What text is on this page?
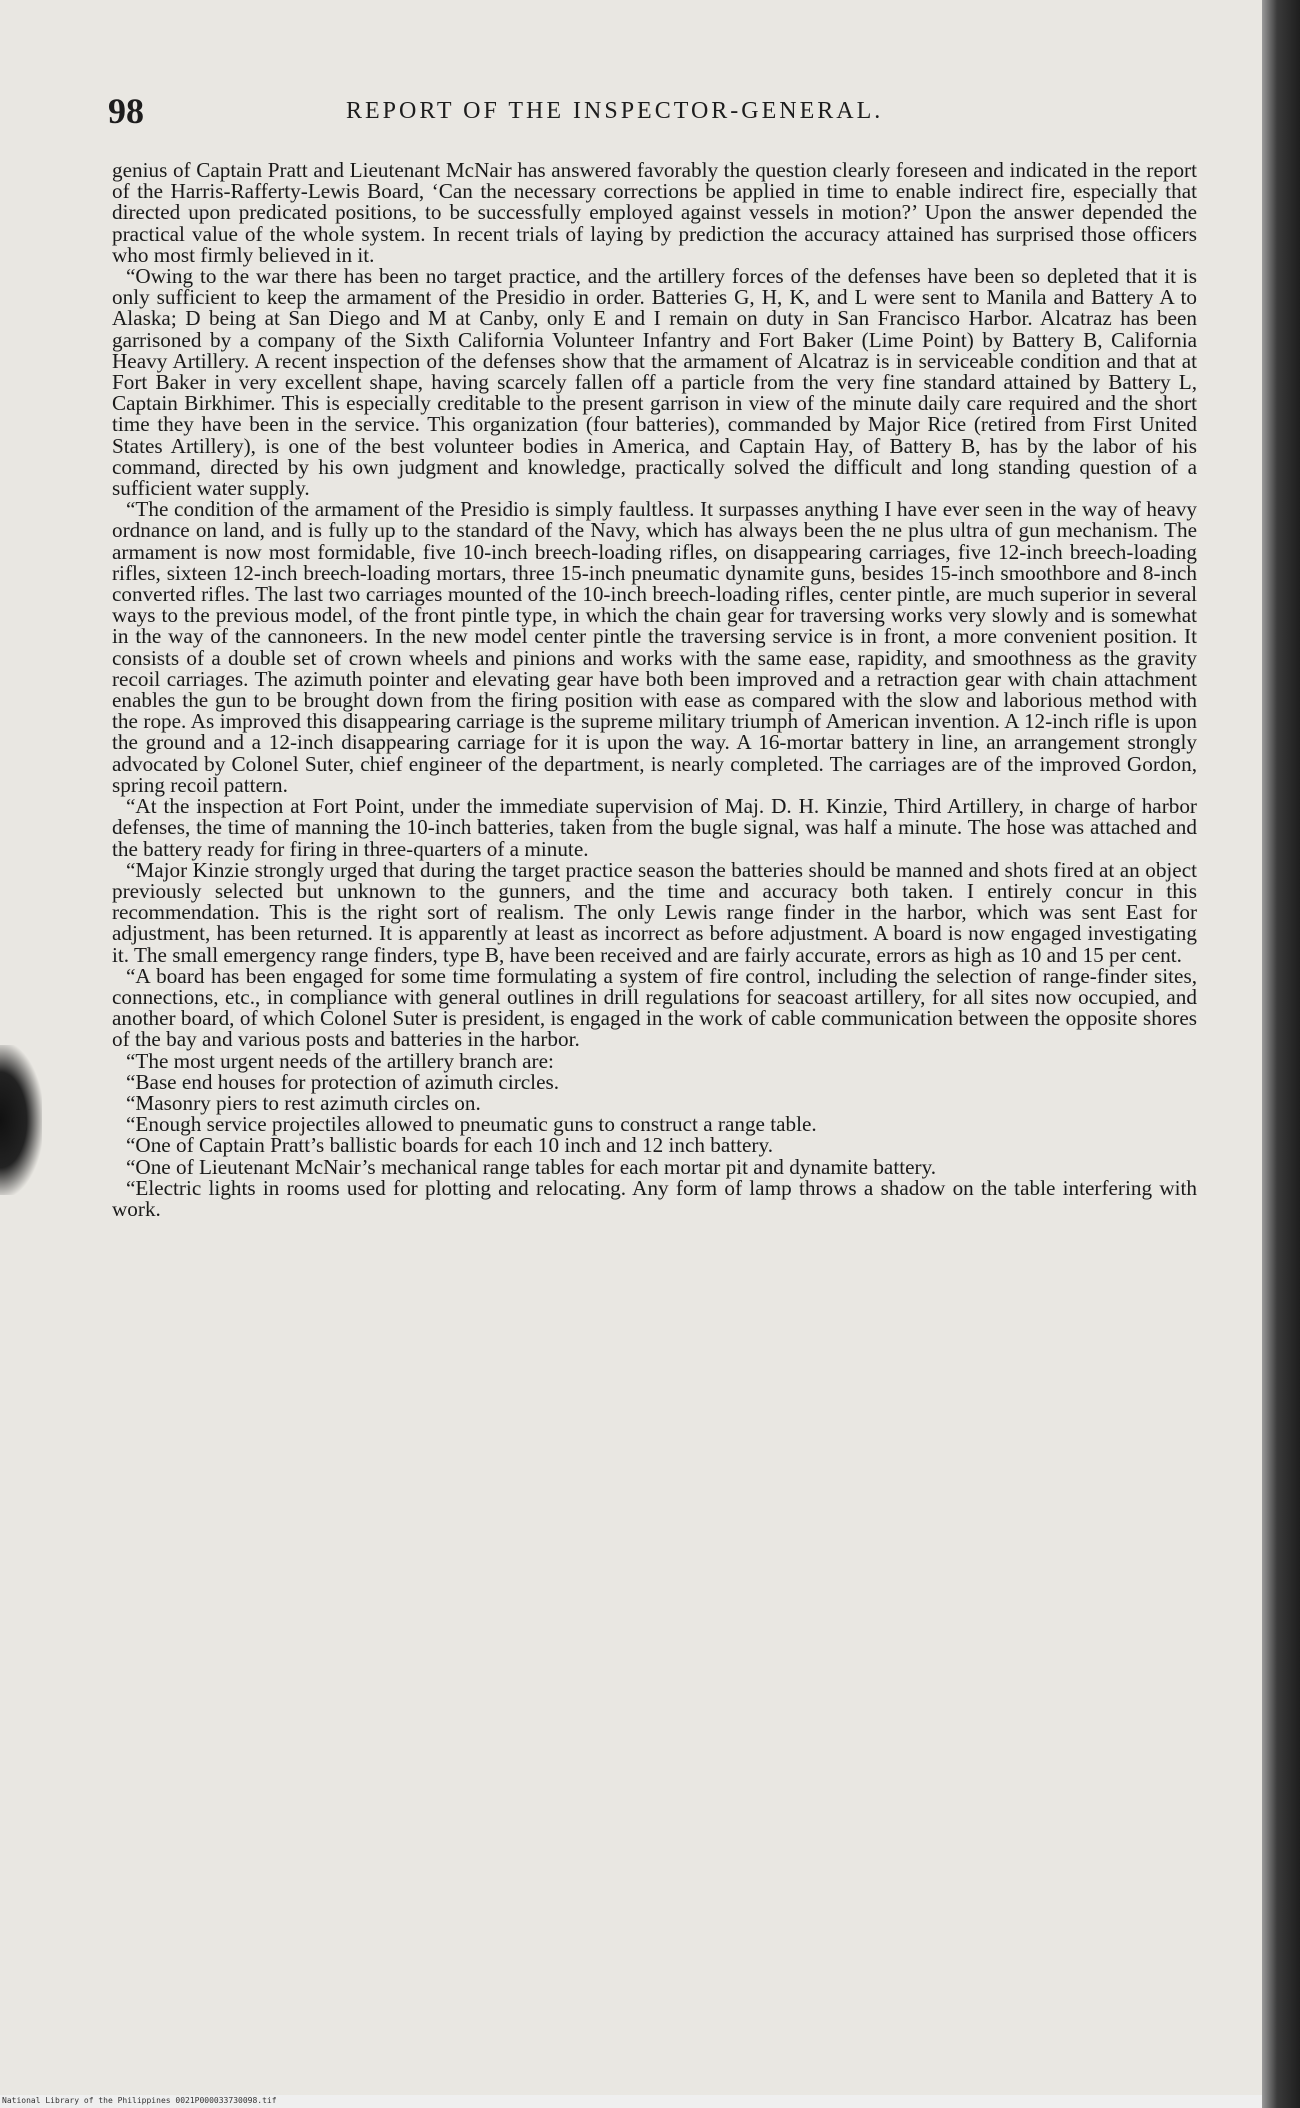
98	REPORT OF THE INSPECTOR-GENERAL.

genius of Captain Pratt and Lieutenant McNair has answered favorably the question clearly foreseen and indicated in the report of the Harris-Rafferty-Lewis Board, ‘Can the necessary corrections be applied in time to enable indirect fire, especially that directed upon predicated positions, to be successfully employed against vessels in motion?’ Upon the answer depended the practical value of the whole system. In recent trials of laying by prediction the accuracy attained has surprised those officers who most firmly believed in it.

“Owing to the war there has been no target practice, and the artillery forces of the defenses have been so depleted that it is only sufficient to keep the armament of the Presidio in order. Batteries G, H, K, and L were sent to Manila and Battery A to Alaska; D being at San Diego and M at Canby, only E and I remain on duty in San Francisco Harbor. Alcatraz has been garrisoned by a company of the Sixth California Volunteer Infantry and Fort Baker (Lime Point) by Battery B, California Heavy Artillery. A recent inspection of the defenses show that the armament of Alcatraz is in serviceable condition and that at Fort Baker in very excellent shape, having scarcely fallen off a particle from the very fine standard attained by Battery L, Captain Birkhimer. This is especially creditable to the present garrison in view of the minute daily care required and the short time they have been in the service. This organization (four batteries), commanded by Major Rice (retired from First United States Artillery), is one of the best volunteer bodies in America, and Captain Hay, of Battery B, has by the labor of his command, directed by his own judgment and knowledge, practically solved the difficult and long standing question of a sufficient water supply.

“The condition of the armament of the Presidio is simply faultless. It surpasses anything I have ever seen in the way of heavy ordnance on land, and is fully up to the standard of the Navy, which has always been the ne plus ultra of gun mechanism. The armament is now most formidable, five 10-inch breech-loading rifles, on disappearing carriages, five 12-inch breech-loading rifles, sixteen 12-inch breech-loading mortars, three 15-inch pneumatic dynamite guns, besides 15-inch smoothbore and 8-inch converted rifles. The last two carriages mounted of the 10-inch breech-loading rifles, center pintle, are much superior in several ways to the previous model, of the front pintle type, in which the chain gear for traversing works very slowly and is somewhat in the way of the cannoneers. In the new model center pintle the traversing service is in front, a more convenient position. It consists of a double set of crown wheels and pinions and works with the same ease, rapidity, and smoothness as the gravity recoil carriages. The azimuth pointer and elevating gear have both been improved and a retraction gear with chain attachment enables the gun to be brought down from the firing position with ease as compared with the slow and laborious method with the rope. As improved this disappearing carriage is the supreme military triumph of American invention. A 12-inch rifle is upon the ground and a 12-inch disappearing carriage for it is upon the way. A 16-mortar battery in line, an arrangement strongly advocated by Colonel Suter, chief engineer of the department, is nearly completed. The carriages are of the improved Gordon, spring recoil pattern.

“At the inspection at Fort Point, under the immediate supervision of Maj. D. H. Kinzie, Third Artillery, in charge of harbor defenses, the time of manning the 10-inch batteries, taken from the bugle signal, was half a minute. The hose was attached and the battery ready for firing in three-quarters of a minute.

“Major Kinzie strongly urged that during the target practice season the batteries should be manned and shots fired at an object previously selected but unknown to the gunners, and the time and accuracy both taken. I entirely concur in this recommendation. This is the right sort of realism. The only Lewis range finder in the harbor, which was sent East for adjustment, has been returned. It is apparently at least as incorrect as before adjustment. A board is now engaged investigating it. The small emergency range finders, type B, have been received and are fairly accurate, errors as high as 10 and 15 per cent.

“A board has been engaged for some time formulating a system of fire control, including the selection of range-finder sites, connections, etc., in compliance with general outlines in drill regulations for seacoast artillery, for all sites now occupied, and another board, of which Colonel Suter is president, is engaged in the work of cable communication between the opposite shores of the bay and various posts and batteries in the harbor.

“The most urgent needs of the artillery branch are:

“Base end houses for protection of azimuth circles.

“Masonry piers to rest azimuth circles on.

“Enough service projectiles allowed to pneumatic guns to construct a range table.

“One of Captain Pratt’s ballistic boards for each 10 inch and 12 inch battery.

“One of Lieutenant McNair’s mechanical range tables for each mortar pit and dynamite battery.

“Electric lights in rooms used for plotting and relocating. Any form of lamp throws a shadow on the table interfering with work.

National Library of the Philippines 0021P000033730098.tif
